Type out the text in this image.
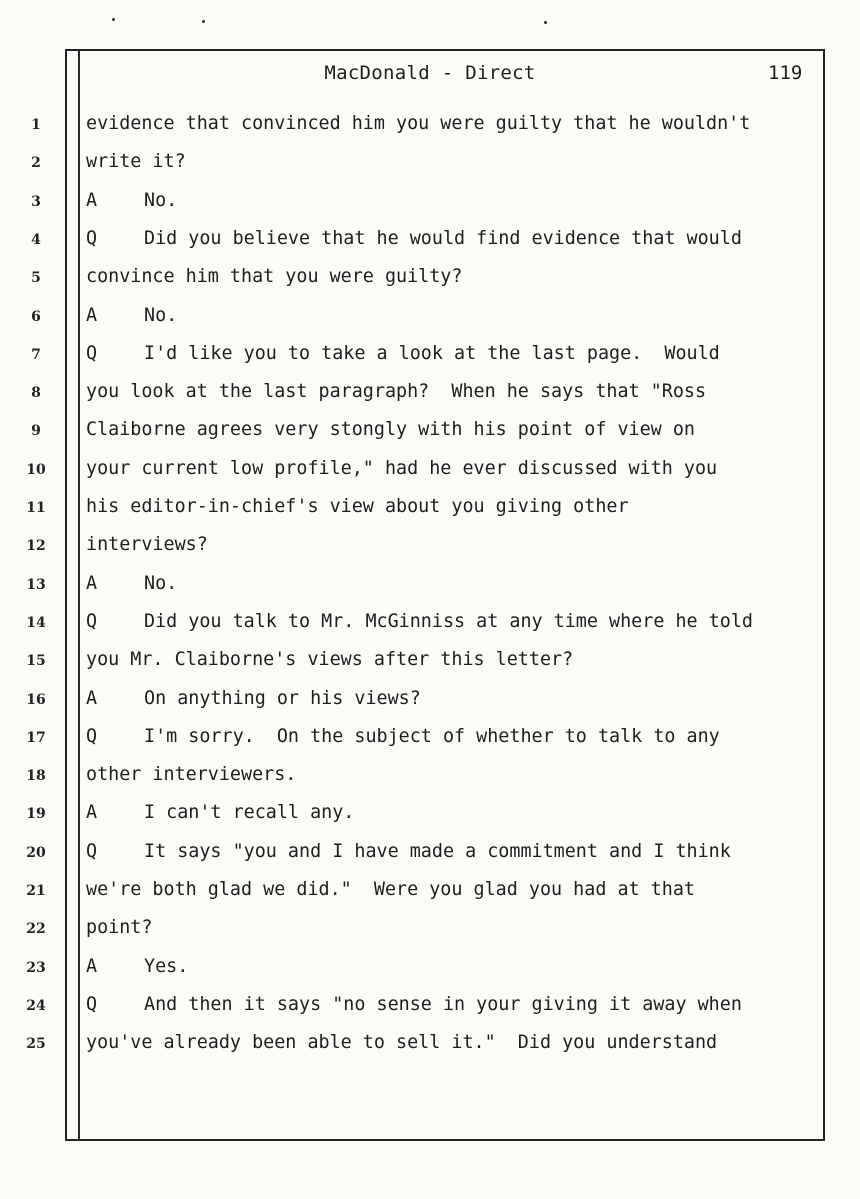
MacDonald - Direct	119
1	evidence that convinced him you were guilty that he wouldn't
2	write it?
3	A	No.
4	Q	Did you believe that he would find evidence that would
5	convince him that you were guilty?
6	A	No.
7	Q	I'd like you to take a look at the last page.  Would
8	you look at the last paragraph?  When he says that "Ross
9	Claiborne agrees very stongly with his point of view on
10	your current low profile," had he ever discussed with you
11	his editor-in-chief's view about you giving other
12	interviews?
13	A	No.
14	Q	Did you talk to Mr. McGinniss at any time where he told
15	you Mr. Claiborne's views after this letter?
16	A	On anything or his views?
17	Q	I'm sorry.  On the subject of whether to talk to any
18	other interviewers.
19	A	I can't recall any.
20	Q	It says "you and I have made a commitment and I think
21	we're both glad we did."  Were you glad you had at that
22	point?
23	A	Yes.
24	Q	And then it says "no sense in your giving it away when
25	you've already been able to sell it."  Did you understand
